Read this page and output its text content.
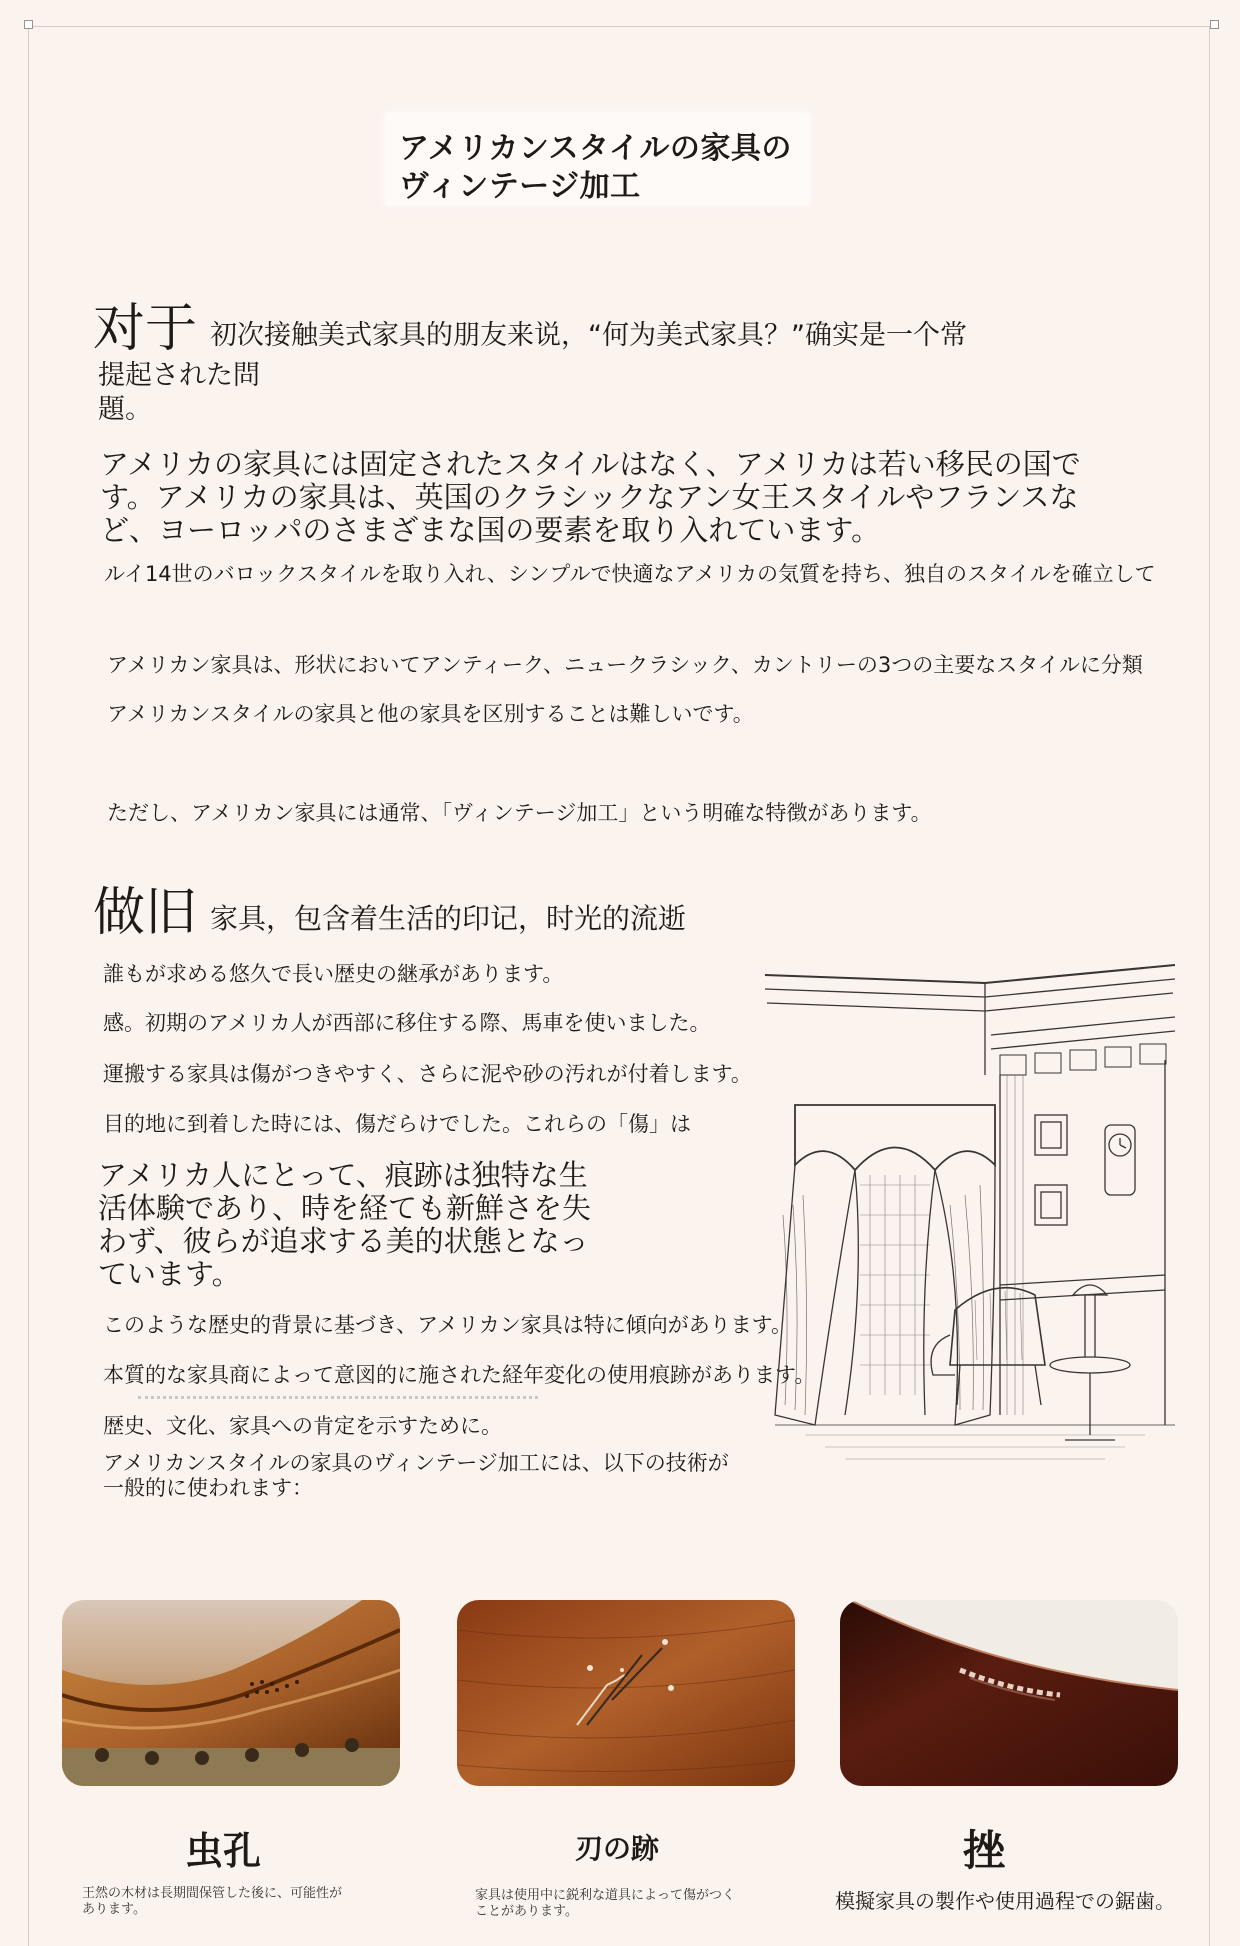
アメリカンスタイルの家具の
ヴィンテージ加工
对于 初次接触美式家具的朋友来说，“何为美式家具？”确实是一个常
提起された問
題。
アメリカの家具には固定されたスタイルはなく、アメリカは若い移民の国で
す。アメリカの家具は、英国のクラシックなアン女王スタイルやフランスな
ど、ヨーロッパのさまざまな国の要素を取り入れています。
ルイ14世のバロックスタイルを取り入れ、シンプルで快適なアメリカの気質を持ち、独自のスタイルを確立して
アメリカン家具は、形状においてアンティーク、ニュークラシック、カントリーの3つの主要なスタイルに分類
アメリカンスタイルの家具と他の家具を区別することは難しいです。
ただし、アメリカン家具には通常、「ヴィンテージ加工」という明確な特徴があります。
做旧 家具，包含着生活的印记，时光的流逝
誰もが求める悠久で長い歴史の継承があります。
感。初期のアメリカ人が西部に移住する際、馬車を使いました。
運搬する家具は傷がつきやすく、さらに泥や砂の汚れが付着します。
目的地に到着した時には、傷だらけでした。これらの「傷」は
アメリカ人にとって、痕跡は独特な生
活体験であり、時を経ても新鮮さを失
わず、彼らが追求する美的状態となっ
ています。
このような歴史的背景に基づき、アメリカン家具は特に傾向があります。
本質的な家具商によって意図的に施された経年変化の使用痕跡があります。
歴史、文化、家具への肯定を示すために。
アメリカンスタイルの家具のヴィンテージ加工には、以下の技術が
一般的に使われます：
虫孔
王然の木材は長期間保管した後に、可能性が
あります。
刃の跡
家具は使用中に鋭利な道具によって傷がつく
ことがあります。
挫
模擬家具の製作や使用過程での鋸歯。
